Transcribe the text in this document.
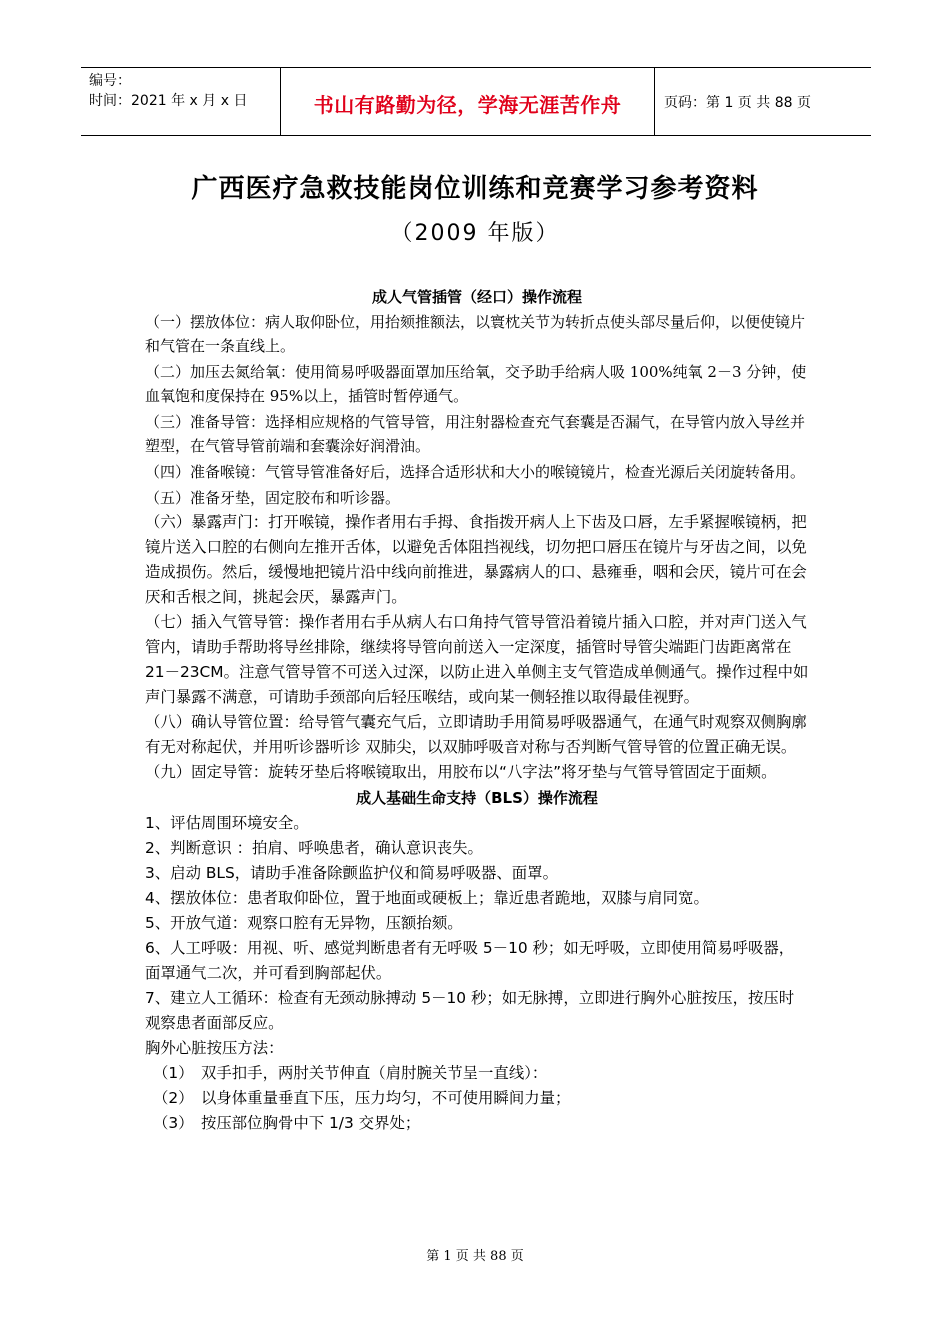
编号：
时间：2021 年 x 月 x 日	书山有路勤为径，学海无涯苦作舟	页码：第 1 页 共 88 页
广西医疗急救技能岗位训练和竞赛学习参考资料
（2009 年版）
成人气管插管（经口）操作流程
（一）摆放体位：病人取仰卧位，用抬颏推额法，以寰枕关节为转折点使头部尽量后仰，以便使镜片和气管在一条直线上。
（二）加压去氮给氧：使用简易呼吸器面罩加压给氧，交予助手给病人吸 100%纯氧 2－3 分钟，使血氧饱和度保持在 95%以上，插管时暂停通气。
（三）准备导管：选择相应规格的气管导管，用注射器检查充气套囊是否漏气，在导管内放入导丝并塑型，在气管导管前端和套囊涂好润滑油。
（四）准备喉镜：气管导管准备好后，选择合适形状和大小的喉镜镜片，检查光源后关闭旋转备用。
（五）准备牙垫，固定胶布和听诊器。
（六）暴露声门：打开喉镜，操作者用右手拇、食指拨开病人上下齿及口唇，左手紧握喉镜柄，把镜片送入口腔的右侧向左推开舌体，以避免舌体阻挡视线，切勿把口唇压在镜片与牙齿之间，以免造成损伤。然后，缓慢地把镜片沿中线向前推进，暴露病人的口、悬雍垂，咽和会厌，镜片可在会厌和舌根之间，挑起会厌，暴露声门。
（七）插入气管导管：操作者用右手从病人右口角持气管导管沿着镜片插入口腔，并对声门送入气管内，请助手帮助将导丝排除，继续将导管向前送入一定深度，插管时导管尖端距门齿距离常在 21－23CM。注意气管导管不可送入过深，以防止进入单侧主支气管造成单侧通气。操作过程中如声门暴露不满意，可请助手颈部向后轻压喉结，或向某一侧轻推以取得最佳视野。
（八）确认导管位置：给导管气囊充气后，立即请助手用简易呼吸器通气，在通气时观察双侧胸廓有无对称起伏，并用听诊器听诊 双肺尖，以双肺呼吸音对称与否判断气管导管的位置正确无误。
（九）固定导管：旋转牙垫后将喉镜取出，用胶布以“八字法”将牙垫与气管导管固定于面颊。
成人基础生命支持（BLS）操作流程
1、评估周围环境安全。
2、判断意识 ：拍肩、呼唤患者，确认意识丧失。
3、启动 BLS，请助手准备除颤监护仪和简易呼吸器、面罩。
4、摆放体位：患者取仰卧位，置于地面或硬板上；靠近患者跪地，双膝与肩同宽。
5、开放气道：观察口腔有无异物，压额抬颏。
6、人工呼吸：用视、听、感觉判断患者有无呼吸 5－10 秒；如无呼吸，立即使用简易呼吸器，面罩通气二次，并可看到胸部起伏。
7、建立人工循环：检查有无颈动脉搏动 5－10 秒；如无脉搏，立即进行胸外心脏按压，按压时观察患者面部反应。
胸外心脏按压方法：
（1） 双手扣手，两肘关节伸直（肩肘腕关节呈一直线）：
（2） 以身体重量垂直下压，压力均匀，不可使用瞬间力量；
（3） 按压部位胸骨中下 1/3 交界处；
第 1 页 共 88 页
